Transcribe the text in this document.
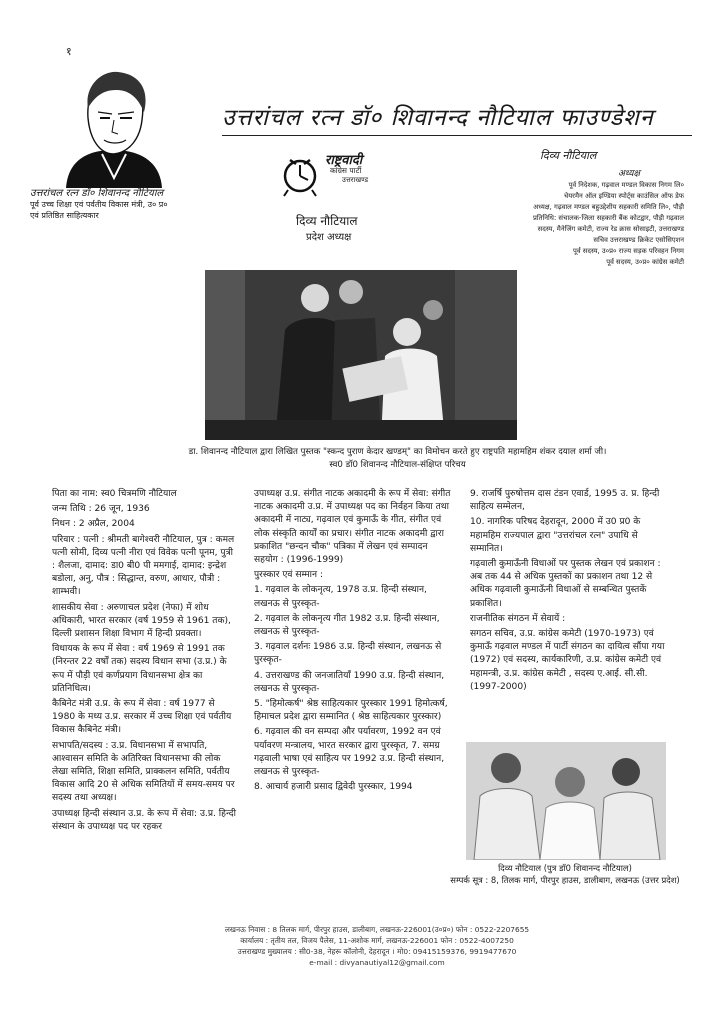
१
उत्तरांचल रत्न डॉ० शिवानन्द नौटियाल
पूर्व उच्च शिक्षा एवं पर्वतीय विकास मंत्री, उ० प्र०
एवं प्रतिष्ठित साहित्यकार
उत्तरांचल रत्न डॉ० शिवानन्द नौटियाल फाउण्डेशन
राष्ट्रवादी
कांग्रेस पार्टी
उत्तराखण्ड
दिव्य नौटियाल
प्रदेश अध्यक्ष
दिव्य नौटियाल
अध्यक्ष
पूर्व निदेशक, गढ़वाल मण्डल विकास निगम लि०
चेयरमैन ऑल इण्डिया स्पोर्ट्स काउंसिल ऑफ डेफ
अध्यक्ष, गढ़वाल मण्डल बहुउद्देशीय सहकारी समिति लि०, पौड़ी
प्रतिनिधि: संचालक-जिला सहकारी बैंक कोटद्वार, पौड़ी गढ़वाल
सदस्य, मैनेजिंग कमेटी, राज्य रेड क्रास सोसाइटी, उत्तराखण्ड
सचिव उत्तराखण्ड क्रिकेट एसोसिएशन
पूर्व सदस्य, उ०प्र० राज्य सड़क परिवहन निगम
पूर्व सदस्य, उ०प्र० कांग्रेस कमेटी
डा. शिवानन्द नौटियाल द्वारा लिखित पुस्तक "स्कन्द पुराण केदार खण्डम्" का विमोचन करते हुए राष्ट्रपति महामहिम शंकर दयाल शर्मा जी।
स्व0 डॉ0 शिवानन्द नौटियाल-संक्षिप्त परिचय

पिता का नाम: स्व0 चित्रमणि नौटियाल

जन्म तिथि : 26 जून, 1936

निधन : 2 अप्रैल, 2004

परिवार : पत्नी : श्रीमती बागेश्वरी नौटियाल, पुत्र : कमल पत्नी सोमी, दिव्य पत्नी नीरा एवं विवेक पत्नी पूनम, पुत्री : शैलजा, दामाद: डा0 बी0 पी ममगाई, दामाद: इन्द्रेश बडोला, अनु, पौत्र : सिद्धान्त, वरुण, आधार, पौत्री : शाम्भवी।

शासकीय सेवा : अरुणाचल प्रदेश (नेफा) में शोध अधिकारी, भारत सरकार (वर्ष 1959 से 1961 तक), दिल्ली प्रशासन शिक्षा विभाग में हिन्दी प्रवक्ता।

विधायक के रूप में सेवा : वर्ष 1969 से 1991 तक (निरन्तर 22 वर्षों तक) सदस्य विधान सभा (उ.प्र.) के रूप में पौड़ी एवं कर्णप्रयाग विधानसभा क्षेत्र का प्रतिनिधित्व।

कैबिनेट मंत्री उ.प्र. के रूप में सेवा : वर्ष 1977 से 1980 के मध्य उ.प्र. सरकार में उच्च शिक्षा एवं पर्वतीय विकास कैबिनेट मंत्री।

सभापति/सदस्य : उ.प्र. विधानसभा में सभापति, आश्वासन समिति के अतिरिक्त विधानसभा की लोक लेखा समिति, शिक्षा समिति, प्राक्कलन समिति, पर्वतीय विकास आदि 20 से अधिक समितियों में समय-समय पर सदस्य तथा अध्यक्ष।

उपाध्यक्ष हिन्दी संस्थान उ.प्र. के रूप में सेवा: उ.प्र. हिन्दी संस्थान के उपाध्यक्ष पद पर रहकर

उपाध्यक्ष उ.प्र. संगीत नाटक अकादमी के रूप में सेवा: संगीत नाटक अकादमी उ.प्र. में उपाध्यक्ष पद का निर्वहन किया तथा अकादमी में नाट्य, गढ़वाल एवं कुमाऊँ के गीत, संगीत एवं लोक संस्कृति कार्यों का प्रचार। संगीत नाटक अकादमी द्वारा प्रकाशित "छन्दन चौक" पत्रिका में लेखन एवं सम्पादन सहयोग : (1996-1999)

पुरस्कार एवं सम्मान :

1. गढ़वाल के लोकनृत्य, 1978 उ.प्र. हिन्दी संस्थान, लखनऊ से पुरस्कृत-

2. गढ़वाल के लोकनृत्य गीत 1982 उ.प्र. हिन्दी संस्थान, लखनऊ से पुरस्कृत-

3. गढ़वाल दर्शनः 1986 उ.प्र. हिन्दी संस्थान, लखनऊ से पुरस्कृत-

4. उत्तराखण्ड की जनजातियाँ 1990 उ.प्र. हिन्दी संस्थान, लखनऊ से पुरस्कृत-

5. "हिमोत्कर्ष" श्रेष्ठ साहित्यकार पुरस्कार 1991 हिमोत्कर्ष, हिमाचल प्रदेश द्वारा सम्मानित ( श्रेष्ठ साहित्यकार पुरस्कार)

6. गढ़वाल की वन सम्पदा और पर्यावरण, 1992 वन एवं पर्यावरण मन्त्रालय, भारत सरकार द्वारा पुरस्कृत, 7. समग्र गढ़वाली भाषा एवं साहित्य पर 1992 उ.प्र. हिन्दी संस्थान, लखनऊ से पुरस्कृत-

8. आचार्य हजारी प्रसाद द्विवेदी पुरस्कार, 1994

9. राजर्षि पुरुषोत्तम दास टंडन एवार्ड, 1995 उ. प्र. हिन्दी साहित्य सम्मेलन,

10. नागरिक परिषद देहरादून, 2000 में उ0 प्र0 के महामहिम राज्यपाल द्वारा "उत्तरांचल रत्न" उपाधि से सम्मानित।

गढ़वाली कुमाऊँनी विधाओं पर पुस्तक लेखन एवं प्रकाशन : अब तक 44 से अधिक पुस्तकों का प्रकाशन तथा 12 से अधिक गढ़वाली कुमाऊँनी विधाओं से सम्बन्धित पुस्तकें प्रकाशित।

राजनीतिक संगठन में सेवायें :

सगठन सचिव, उ.प्र. कांग्रेस कमेटी (1970-1973) एवं कुमाऊँ गढ़वाल मण्डल में पार्टी संगठन का दायित्व सौंपा गया (1972) एवं सदस्य, कार्यकारिणी, उ.प्र. कांग्रेस कमेटी एवं महामन्त्री, उ.प्र. कांग्रेस कमेटी , सदस्य ए.आई. सी.सी. (1997-2000)

दिव्य नौटियाल (पुत्र डॉ0 शिवानन्द नौटियाल)
सम्पर्क सूत्र : 8, तिलक मार्ग, पीरपुर हाउस, डालीबाग, लखनऊ (उत्तर प्रदेश)
लखनऊ निवास : 8 तिलक मार्ग, पीरपुर हाउस, डालीबाग, लखनऊ-226001(उ०प्र०) फोन : 0522-2207655
कार्यालय : तृतीय तल, विजय पैलेस, 11-अशोक मार्ग, लखनऊ-226001 फोन : 0522-4007250
उत्तराखण्ड मुख्यालय : सी0-38, नेहरू कॉलोनी, देहरादून । मो0: 09415159376, 9919477670
e-mail : divyanautiyal12@gmail.com
